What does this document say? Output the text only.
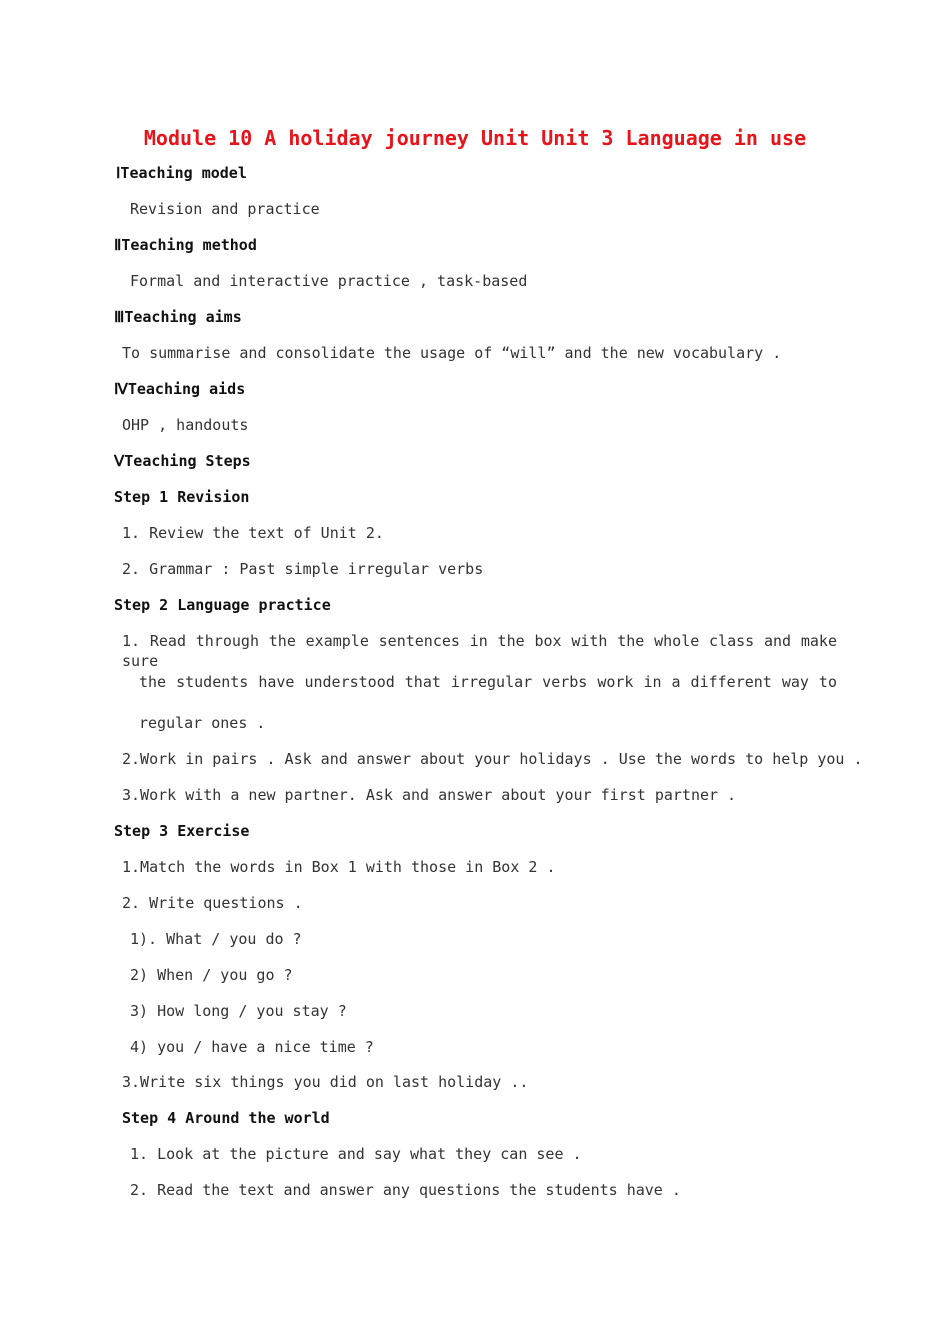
Module 10 A holiday journey Unit Unit 3 Language in use
ⅠTeaching model
Revision and practice
ⅡTeaching method
Formal and interactive practice , task-based
ⅢTeaching aims
To summarise and consolidate the usage of “will” and the new vocabulary .
ⅣTeaching aids
OHP , handouts
ⅤTeaching Steps
Step 1 Revision
1. Review the text of Unit 2.
2. Grammar : Past simple irregular verbs
Step 2 Language practice
1. Read through the example sentences in the box with the whole class and make sure
the students have understood that irregular verbs work in a different way to
regular ones .
2.Work in pairs . Ask and answer about your holidays . Use the words to help you .
3.Work with a new partner. Ask and answer about your first partner .
Step 3 Exercise
1.Match the words in Box 1 with those in Box 2 .
2. Write questions .
1). What / you do ?
2) When / you go ?
3) How long / you stay ?
4) you / have a nice time ?
3.Write six things you did on last holiday ..
Step 4 Around the world
1. Look at the picture and say what they can see .
2. Read the text and answer any questions the students have .
